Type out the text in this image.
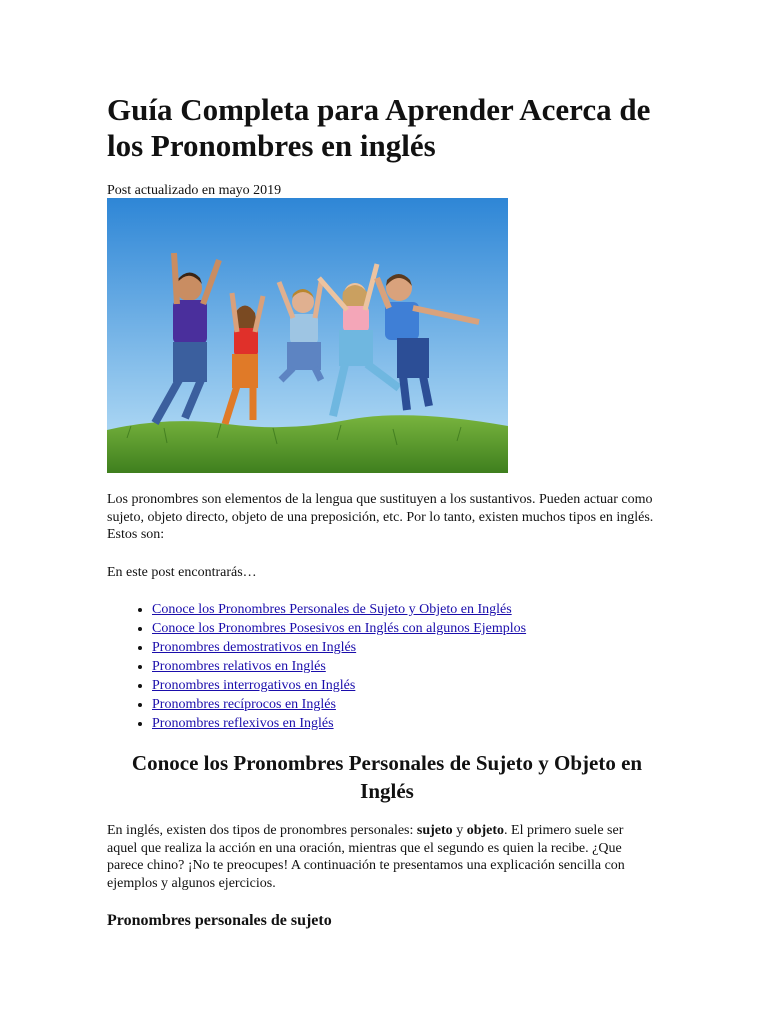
Guía Completa para Aprender Acerca de los Pronombres en inglés

Post actualizado en mayo 2019

Los pronombres son elementos de la lengua que sustituyen a los sustantivos. Pueden actuar como sujeto, objeto directo, objeto de una preposición, etc. Por lo tanto, existen muchos tipos en inglés. Estos son:

En este post encontrarás…

• Conoce los Pronombres Personales de Sujeto y Objeto en Inglés
• Conoce los Pronombres Posesivos en Inglés con algunos Ejemplos
• Pronombres demostrativos en Inglés
• Pronombres relativos en Inglés
• Pronombres interrogativos en Inglés
• Pronombres recíprocos en Inglés
• Pronombres reflexivos en Inglés
Conoce los Pronombres Personales de Sujeto y Objeto en Inglés

En inglés, existen dos tipos de pronombres personales: sujeto y objeto. El primero suele ser aquel que realiza la acción en una oración, mientras que el segundo es quien la recibe. ¿Que parece chino? ¡No te preocupes! A continuación te presentamos una explicación sencilla con ejemplos y algunos ejercicios.

Pronombres personales de sujeto
